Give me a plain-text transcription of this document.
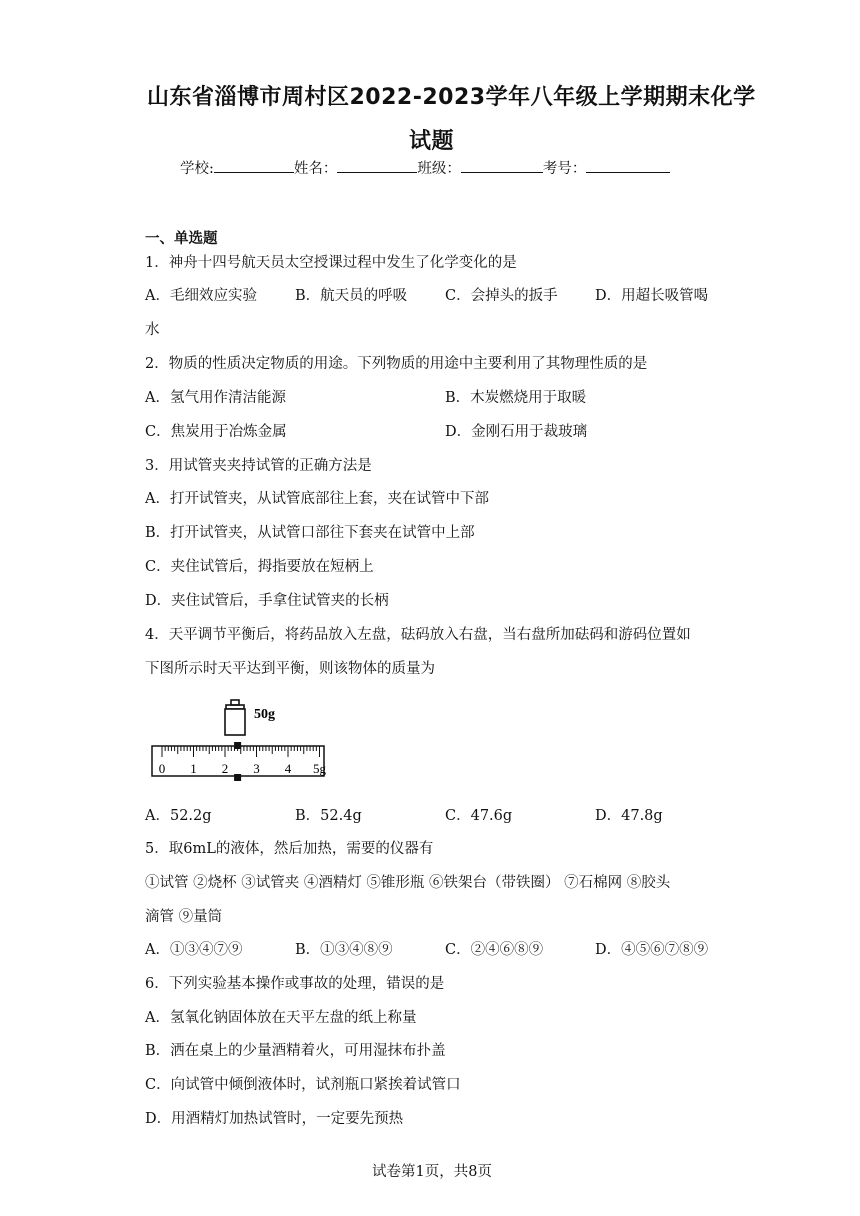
山东省淄博市周村区2022-2023学年八年级上学期期末化学
试题
学校:	姓名：	班级：	考号：
一、单选题
1．神舟十四号航天员太空授课过程中发生了化学变化的是
A．毛细效应实验	B．航天员的呼吸	C．会掉头的扳手	D．用超长吸管喝
水
2．物质的性质决定物质的用途。下列物质的用途中主要利用了其物理性质的是
A．氢气用作清洁能源	B．木炭燃烧用于取暖
C．焦炭用于冶炼金属	D．金刚石用于裁玻璃
3．用试管夹夹持试管的正确方法是
A．打开试管夹，从试管底部往上套，夹在试管中下部
B．打开试管夹，从试管口部往下套夹在试管中上部
C．夹住试管后，拇指要放在短柄上
D．夹住试管后，手拿住试管夹的长柄
4．天平调节平衡后，将药品放入左盘，砝码放入右盘，当右盘所加砝码和游码位置如
下图所示时天平达到平衡，则该物体的质量为
50g
0 1 2 3 4 5g
A．52.2g	B．52.4g	C．47.6g	D．47.8g
5．取6mL的液体，然后加热，需要的仪器有
①试管 ②烧杯 ③试管夹 ④酒精灯 ⑤锥形瓶 ⑥铁架台（带铁圈） ⑦石棉网 ⑧胶头
滴管 ⑨量筒
A．①③④⑦⑨	B．①③④⑧⑨	C．②④⑥⑧⑨	D．④⑤⑥⑦⑧⑨
6．下列实验基本操作或事故的处理，错误的是
A．氢氧化钠固体放在天平左盘的纸上称量
B．洒在桌上的少量酒精着火，可用湿抹布扑盖
C．向试管中倾倒液体时，试剂瓶口紧挨着试管口
D．用酒精灯加热试管时，一定要先预热
试卷第1页，共8页
